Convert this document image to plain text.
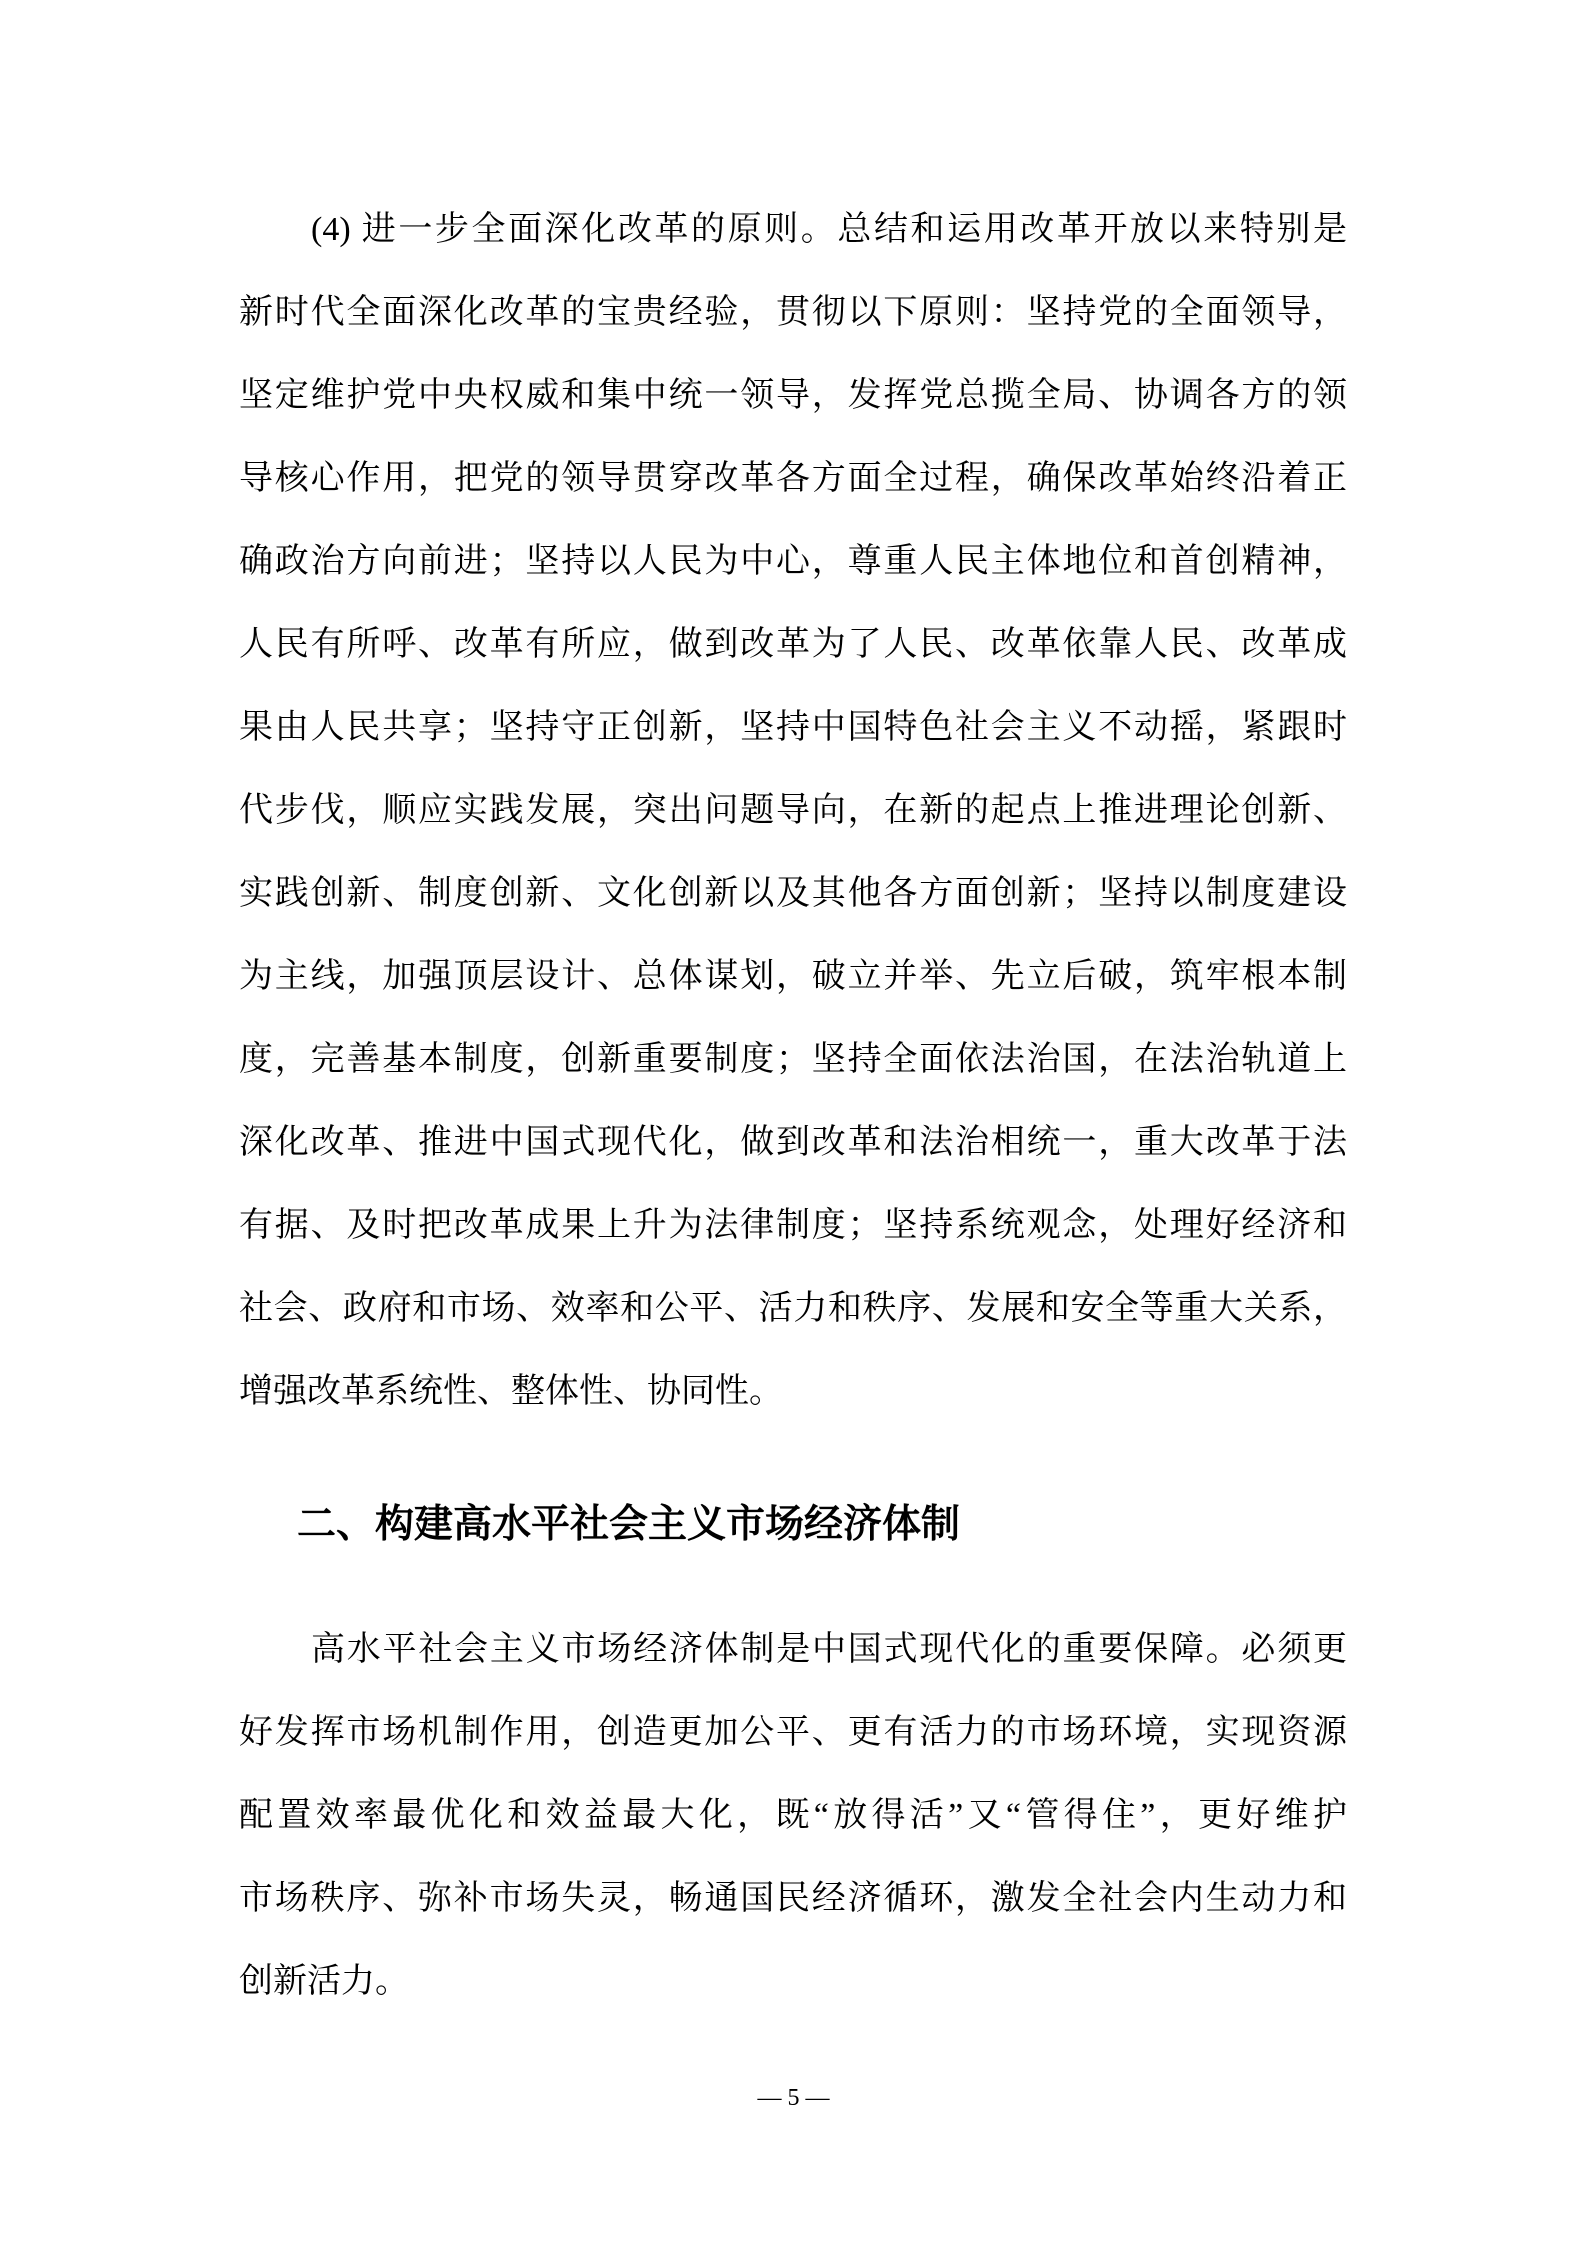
(4) 进一步全面深化改革的原则。总结和运用改革开放以来特别是
新时代全面深化改革的宝贵经验，贯彻以下原则：坚持党的全面领导，
坚定维护党中央权威和集中统一领导，发挥党总揽全局、协调各方的领
导核心作用，把党的领导贯穿改革各方面全过程，确保改革始终沿着正
确政治方向前进；坚持以人民为中心，尊重人民主体地位和首创精神，
人民有所呼、改革有所应，做到改革为了人民、改革依靠人民、改革成
果由人民共享；坚持守正创新，坚持中国特色社会主义不动摇，紧跟时
代步伐，顺应实践发展，突出问题导向，在新的起点上推进理论创新、
实践创新、制度创新、文化创新以及其他各方面创新；坚持以制度建设
为主线，加强顶层设计、总体谋划，破立并举、先立后破，筑牢根本制
度，完善基本制度，创新重要制度；坚持全面依法治国，在法治轨道上
深化改革、推进中国式现代化，做到改革和法治相统一，重大改革于法
有据、及时把改革成果上升为法律制度；坚持系统观念，处理好经济和
社会、政府和市场、效率和公平、活力和秩序、发展和安全等重大关系，
增强改革系统性、整体性、协同性。

二、构建高水平社会主义市场经济体制

高水平社会主义市场经济体制是中国式现代化的重要保障。必须更
好发挥市场机制作用，创造更加公平、更有活力的市场环境，实现资源
配置效率最优化和效益最大化，既“放得活”又“管得住”，更好维护
市场秩序、弥补市场失灵，畅通国民经济循环，激发全社会内生动力和
创新活力。

— 5 —
